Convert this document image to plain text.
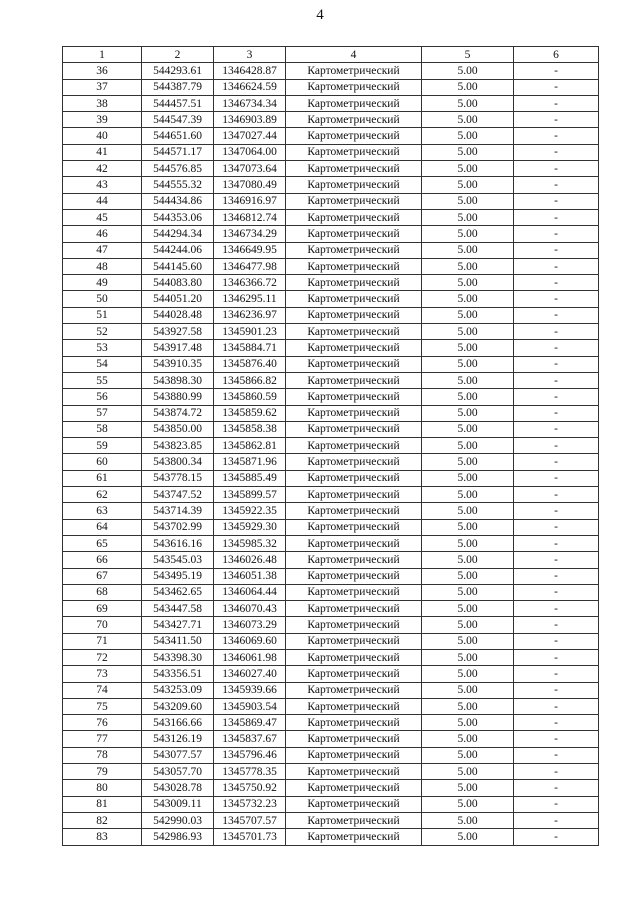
4
1	2	3	4	5	6
36	544293.61	1346428.87	Картометрический	5.00	-
37	544387.79	1346624.59	Картометрический	5.00	-
38	544457.51	1346734.34	Картометрический	5.00	-
39	544547.39	1346903.89	Картометрический	5.00	-
40	544651.60	1347027.44	Картометрический	5.00	-
41	544571.17	1347064.00	Картометрический	5.00	-
42	544576.85	1347073.64	Картометрический	5.00	-
43	544555.32	1347080.49	Картометрический	5.00	-
44	544434.86	1346916.97	Картометрический	5.00	-
45	544353.06	1346812.74	Картометрический	5.00	-
46	544294.34	1346734.29	Картометрический	5.00	-
47	544244.06	1346649.95	Картометрический	5.00	-
48	544145.60	1346477.98	Картометрический	5.00	-
49	544083.80	1346366.72	Картометрический	5.00	-
50	544051.20	1346295.11	Картометрический	5.00	-
51	544028.48	1346236.97	Картометрический	5.00	-
52	543927.58	1345901.23	Картометрический	5.00	-
53	543917.48	1345884.71	Картометрический	5.00	-
54	543910.35	1345876.40	Картометрический	5.00	-
55	543898.30	1345866.82	Картометрический	5.00	-
56	543880.99	1345860.59	Картометрический	5.00	-
57	543874.72	1345859.62	Картометрический	5.00	-
58	543850.00	1345858.38	Картометрический	5.00	-
59	543823.85	1345862.81	Картометрический	5.00	-
60	543800.34	1345871.96	Картометрический	5.00	-
61	543778.15	1345885.49	Картометрический	5.00	-
62	543747.52	1345899.57	Картометрический	5.00	-
63	543714.39	1345922.35	Картометрический	5.00	-
64	543702.99	1345929.30	Картометрический	5.00	-
65	543616.16	1345985.32	Картометрический	5.00	-
66	543545.03	1346026.48	Картометрический	5.00	-
67	543495.19	1346051.38	Картометрический	5.00	-
68	543462.65	1346064.44	Картометрический	5.00	-
69	543447.58	1346070.43	Картометрический	5.00	-
70	543427.71	1346073.29	Картометрический	5.00	-
71	543411.50	1346069.60	Картометрический	5.00	-
72	543398.30	1346061.98	Картометрический	5.00	-
73	543356.51	1346027.40	Картометрический	5.00	-
74	543253.09	1345939.66	Картометрический	5.00	-
75	543209.60	1345903.54	Картометрический	5.00	-
76	543166.66	1345869.47	Картометрический	5.00	-
77	543126.19	1345837.67	Картометрический	5.00	-
78	543077.57	1345796.46	Картометрический	5.00	-
79	543057.70	1345778.35	Картометрический	5.00	-
80	543028.78	1345750.92	Картометрический	5.00	-
81	543009.11	1345732.23	Картометрический	5.00	-
82	542990.03	1345707.57	Картометрический	5.00	-
83	542986.93	1345701.73	Картометрический	5.00	-
